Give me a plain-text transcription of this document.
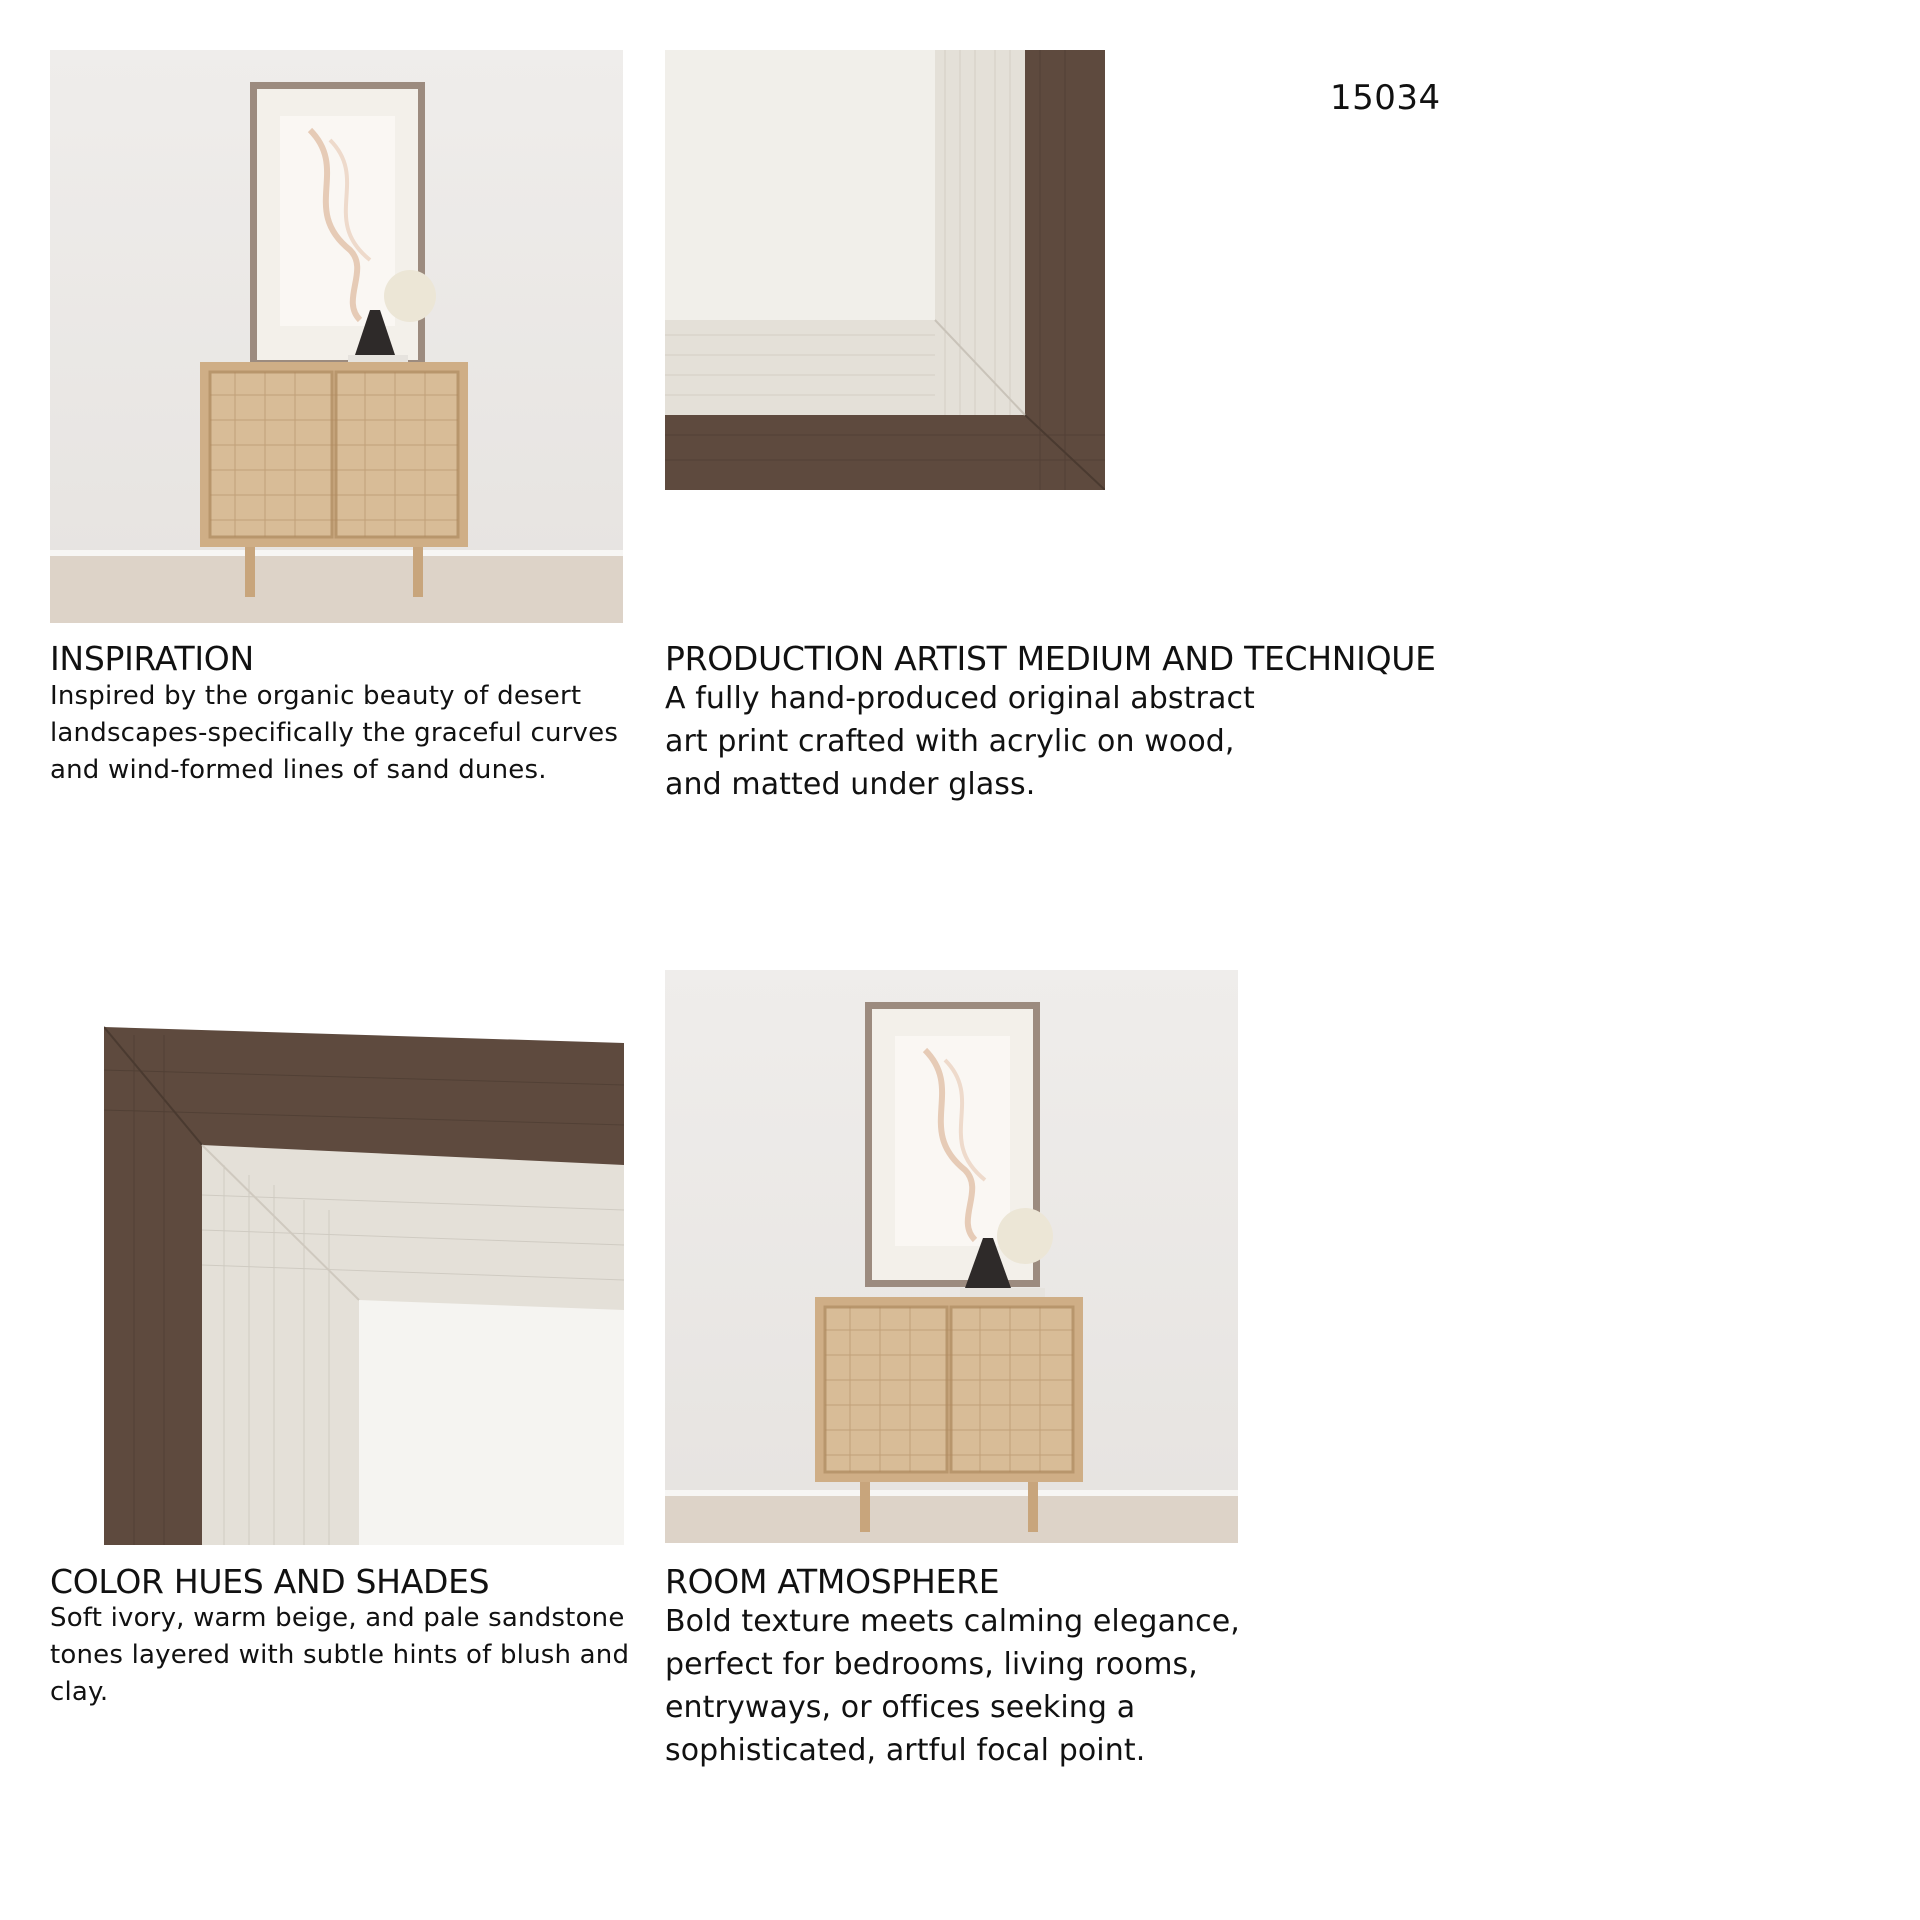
15034
INSPIRATION
Inspired by the organic beauty of desert
landscapes-specifically the graceful curves
and wind-formed lines of sand dunes.
PRODUCTION ARTIST MEDIUM AND TECHNIQUE
A fully hand-produced original abstract
art print crafted with acrylic on wood,
and matted under glass.
COLOR HUES AND SHADES
Soft ivory, warm beige, and pale sandstone
tones layered with subtle hints of blush and
clay.
ROOM ATMOSPHERE
Bold texture meets calming elegance,
perfect for bedrooms, living rooms,
entryways, or offices seeking a
sophisticated, artful focal point.
